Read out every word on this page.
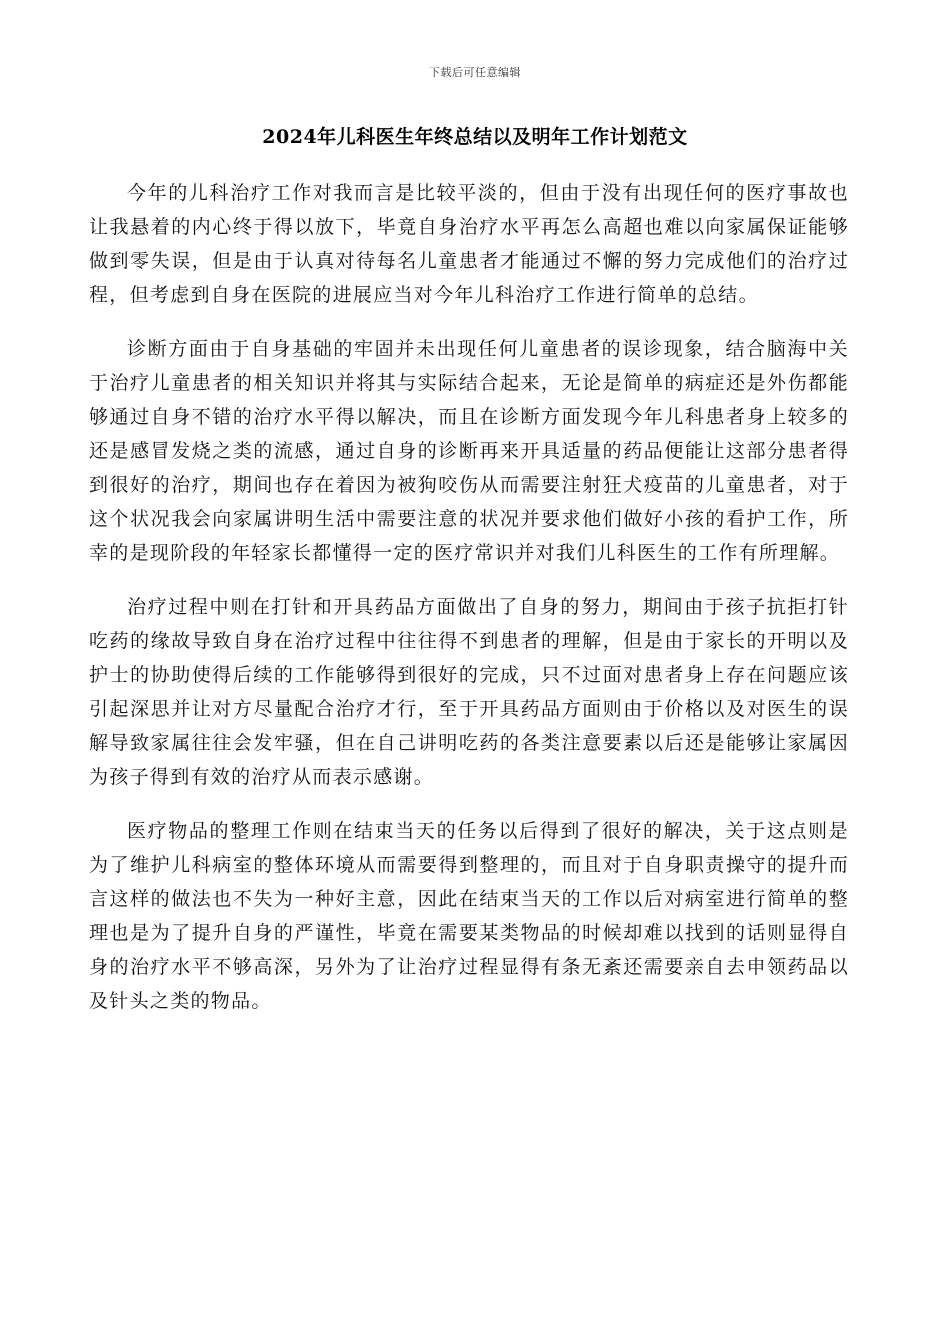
下载后可任意编辑
2024年儿科医生年终总结以及明年工作计划范文

今年的儿科治疗工作对我而言是比较平淡的，但由于没有出现任何的医疗事故也让我悬着的内心终于得以放下，毕竟自身治疗水平再怎么高超也难以向家属保证能够做到零失误，但是由于认真对待每名儿童患者才能通过不懈的努力完成他们的治疗过程，但考虑到自身在医院的进展应当对今年儿科治疗工作进行简单的总结。

诊断方面由于自身基础的牢固并未出现任何儿童患者的误诊现象，结合脑海中关于治疗儿童患者的相关知识并将其与实际结合起来，无论是简单的病症还是外伤都能够通过自身不错的治疗水平得以解决，而且在诊断方面发现今年儿科患者身上较多的还是感冒发烧之类的流感，通过自身的诊断再来开具适量的药品便能让这部分患者得到很好的治疗，期间也存在着因为被狗咬伤从而需要注射狂犬疫苗的儿童患者，对于这个状况我会向家属讲明生活中需要注意的状况并要求他们做好小孩的看护工作，所幸的是现阶段的年轻家长都懂得一定的医疗常识并对我们儿科医生的工作有所理解。

治疗过程中则在打针和开具药品方面做出了自身的努力，期间由于孩子抗拒打针吃药的缘故导致自身在治疗过程中往往得不到患者的理解，但是由于家长的开明以及护士的协助使得后续的工作能够得到很好的完成，只不过面对患者身上存在问题应该引起深思并让对方尽量配合治疗才行，至于开具药品方面则由于价格以及对医生的误解导致家属往往会发牢骚，但在自己讲明吃药的各类注意要素以后还是能够让家属因为孩子得到有效的治疗从而表示感谢。

医疗物品的整理工作则在结束当天的任务以后得到了很好的解决，关于这点则是为了维护儿科病室的整体环境从而需要得到整理的，而且对于自身职责操守的提升而言这样的做法也不失为一种好主意，因此在结束当天的工作以后对病室进行简单的整理也是为了提升自身的严谨性，毕竟在需要某类物品的时候却难以找到的话则显得自身的治疗水平不够高深，另外为了让治疗过程显得有条无紊还需要亲自去申领药品以及针头之类的物品。
